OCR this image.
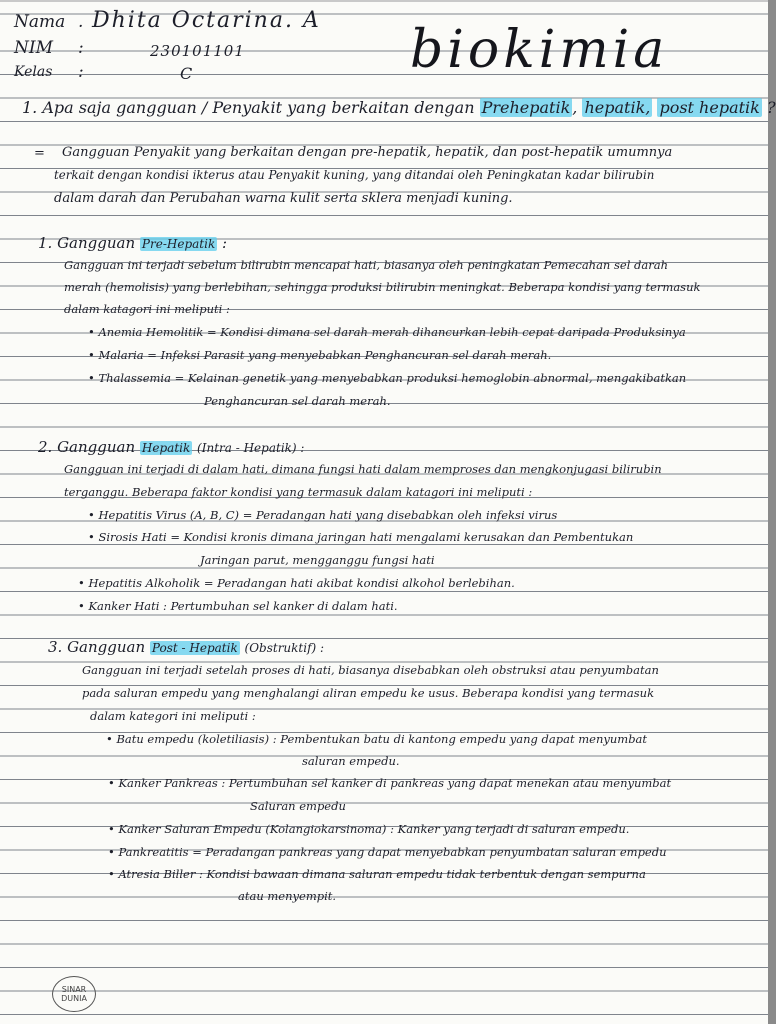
Nama . Dhita Octarina. A
NIM :	230101101
Kelas :	C	biokimia
1. Apa saja gangguan / Penyakit yang berkaitan dengan Prehepatik , hepatik, post hepatik ?
= Gangguan Penyakit yang berkaitan dengan pre-hepatik, hepatik, dan post-hepatik umumnya
terkait dengan kondisi ikterus atau Penyakit kuning, yang ditandai oleh Peningkatan kadar bilirubin
dalam darah dan Perubahan warna kulit serta sklera menjadi kuning.
1. Gangguan Pre-Hepatik :
Gangguan ini terjadi sebelum bilirubin mencapai hati, biasanya oleh peningkatan Pemecahan sel darah
merah (hemolisis) yang berlebihan, sehingga produksi bilirubin meningkat. Beberapa kondisi yang termasuk
dalam katagori ini meliputi :
• Anemia Hemolitik = Kondisi dimana sel darah merah dihancurkan lebih cepat daripada Produksinya
• Malaria = Infeksi Parasit yang menyebabkan Penghancuran sel darah merah.
• Thalassemia = Kelainan genetik yang menyebabkan produksi hemoglobin abnormal, mengakibatkan
Penghancuran sel darah merah.
2. Gangguan Hepatik (Intra - Hepatik) :
Gangguan ini terjadi di dalam hati, dimana fungsi hati dalam memproses dan mengkonjugasi bilirubin
terganggu. Beberapa faktor kondisi yang termasuk dalam katagori ini meliputi :
• Hepatitis Virus (A, B, C) = Peradangan hati yang disebabkan oleh infeksi virus
• Sirosis Hati = Kondisi kronis dimana jaringan hati mengalami kerusakan dan Pembentukan
Jaringan parut, mengganggu fungsi hati
• Hepatitis Alkoholik = Peradangan hati akibat kondisi alkohol berlebihan.
• Kanker Hati : Pertumbuhan sel kanker di dalam hati.
3. Gangguan Post - Hepatik (Obstruktif) :
Gangguan ini terjadi setelah proses di hati, biasanya disebabkan oleh obstruksi atau penyumbatan
pada saluran empedu yang menghalangi aliran empedu ke usus. Beberapa kondisi yang termasuk
dalam kategori ini meliputi :
• Batu empedu (koletiliasis) : Pembentukan batu di kantong empedu yang dapat menyumbat
saluran empedu.
• Kanker Pankreas : Pertumbuhan sel kanker di pankreas yang dapat menekan atau menyumbat
Saluran empedu
• Kanker Saluran Empedu (Kolangiokarsinoma) : Kanker yang terjadi di saluran empedu.
• Pankreatitis = Peradangan pankreas yang dapat menyebabkan penyumbatan saluran empedu
• Atresia Biller : Kondisi bawaan dimana saluran empedu tidak terbentuk dengan sempurna
atau menyempit.
SINAR
DUNIA
